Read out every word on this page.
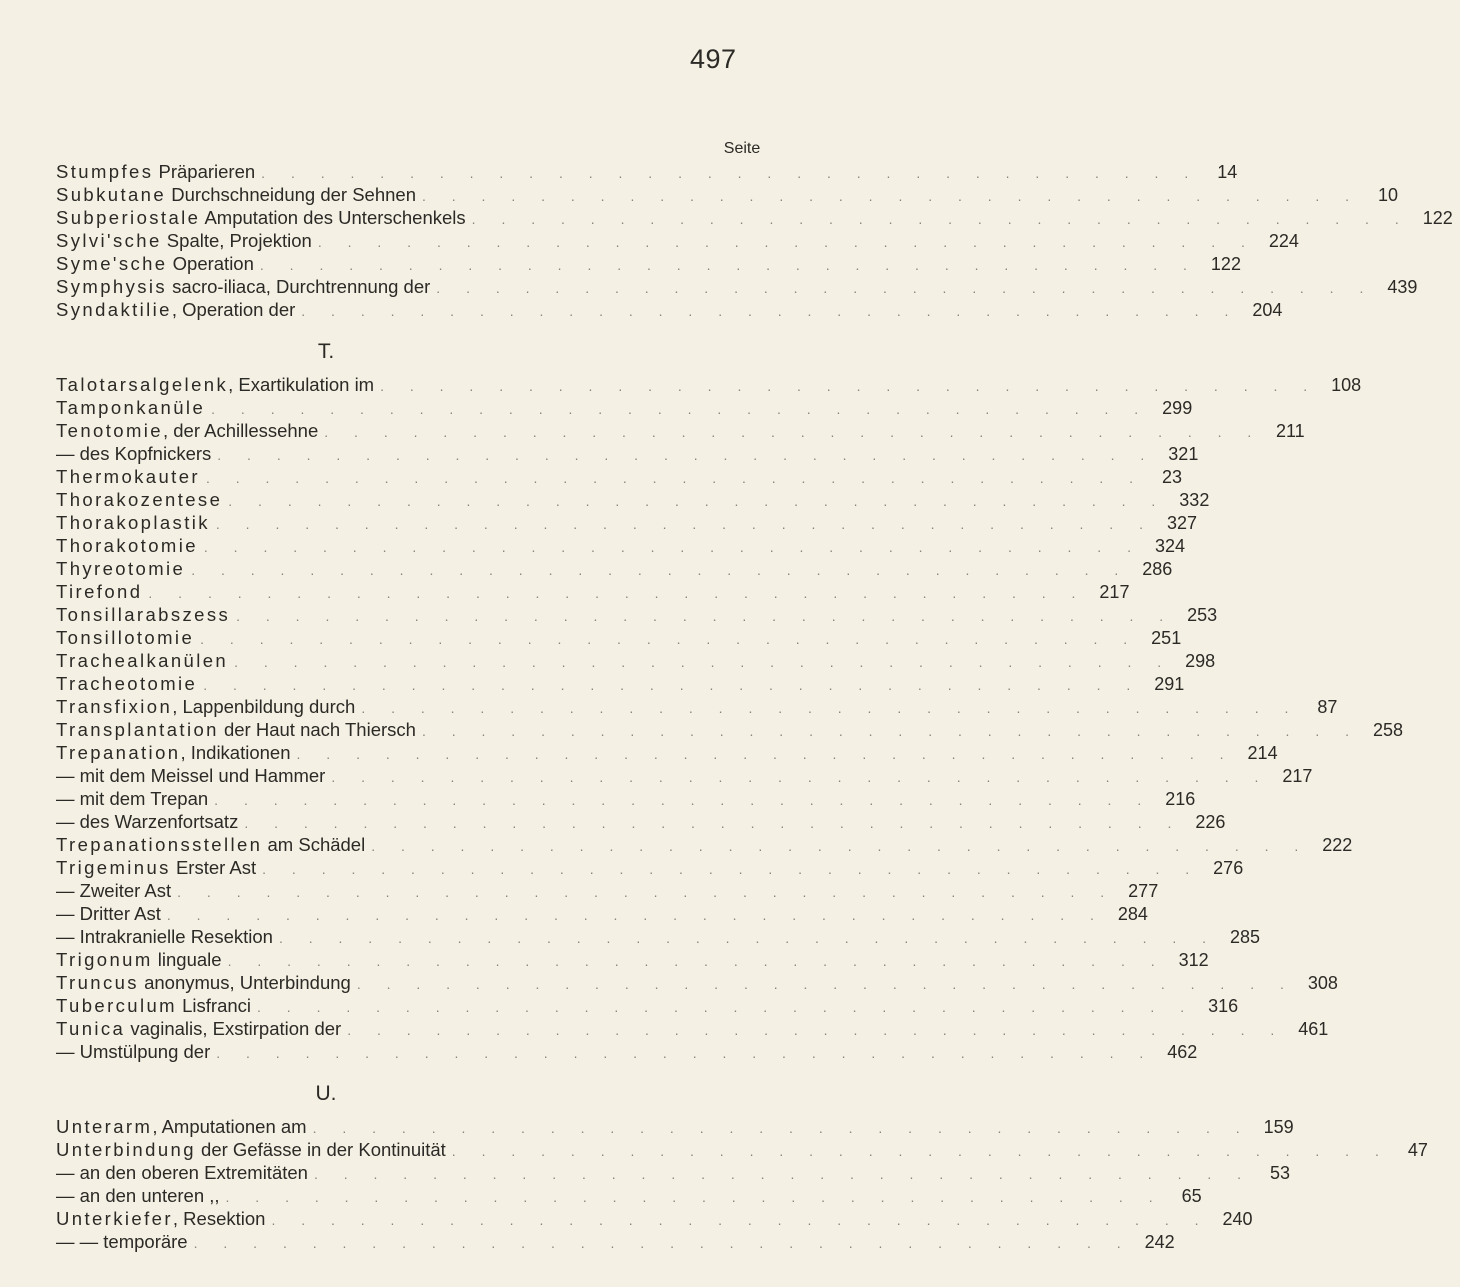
497
Seite
Stumpfes Präparieren . . . . . . . . . . . . . . . . . . . . . . . . . . . . . . . . 14
Subkutane Durchschneidung der Sehnen . . . . . . . . . . . . . . . . . . . . . . . . . . . . . . . . 10
Subperiostale Amputation des Unterschenkels . . . . . . . . . . . . . . . . . . . . . . . . . . . . . . . . 122
Sylvi'sche Spalte, Projektion . . . . . . . . . . . . . . . . . . . . . . . . . . . . . . . . 224
Syme'sche Operation . . . . . . . . . . . . . . . . . . . . . . . . . . . . . . . . 122
Symphysis sacro-iliaca, Durchtrennung der . . . . . . . . . . . . . . . . . . . . . . . . . . . . . . . . 439
Syndaktilie, Operation der . . . . . . . . . . . . . . . . . . . . . . . . . . . . . . . . 204
T.
Talotarsalgelenk, Exartikulation im . . . . . . . . . . . . . . . . . . . . . . . . . . . . . . . . 108
Tamponkanüle . . . . . . . . . . . . . . . . . . . . . . . . . . . . . . . . 299
Tenotomie, der Achillessehne . . . . . . . . . . . . . . . . . . . . . . . . . . . . . . . . 211
— des Kopfnickers . . . . . . . . . . . . . . . . . . . . . . . . . . . . . . . . 321
Thermokauter . . . . . . . . . . . . . . . . . . . . . . . . . . . . . . . . 23
Thorakozentese . . . . . . . . . . . . . . . . . . . . . . . . . . . . . . . . 332
Thorakoplastik . . . . . . . . . . . . . . . . . . . . . . . . . . . . . . . . 327
Thorakotomie . . . . . . . . . . . . . . . . . . . . . . . . . . . . . . . . 324
Thyreotomie . . . . . . . . . . . . . . . . . . . . . . . . . . . . . . . . 286
Tirefond . . . . . . . . . . . . . . . . . . . . . . . . . . . . . . . . 217
Tonsillarabszess . . . . . . . . . . . . . . . . . . . . . . . . . . . . . . . . 253
Tonsillotomie . . . . . . . . . . . . . . . . . . . . . . . . . . . . . . . . 251
Trachealkanülen . . . . . . . . . . . . . . . . . . . . . . . . . . . . . . . . 298
Tracheotomie . . . . . . . . . . . . . . . . . . . . . . . . . . . . . . . . 291
Transfixion, Lappenbildung durch . . . . . . . . . . . . . . . . . . . . . . . . . . . . . . . . 87
Transplantation der Haut nach Thiersch . . . . . . . . . . . . . . . . . . . . . . . . . . . . . . . . 258
Trepanation, Indikationen . . . . . . . . . . . . . . . . . . . . . . . . . . . . . . . . 214
— mit dem Meissel und Hammer . . . . . . . . . . . . . . . . . . . . . . . . . . . . . . . . 217
— mit dem Trepan . . . . . . . . . . . . . . . . . . . . . . . . . . . . . . . . 216
— des Warzenfortsatz . . . . . . . . . . . . . . . . . . . . . . . . . . . . . . . . 226
Trepanationsstellen am Schädel . . . . . . . . . . . . . . . . . . . . . . . . . . . . . . . . 222
Trigeminus Erster Ast . . . . . . . . . . . . . . . . . . . . . . . . . . . . . . . . 276
— Zweiter Ast . . . . . . . . . . . . . . . . . . . . . . . . . . . . . . . . 277
— Dritter Ast . . . . . . . . . . . . . . . . . . . . . . . . . . . . . . . . 284
— Intrakranielle Resektion . . . . . . . . . . . . . . . . . . . . . . . . . . . . . . . . 285
Trigonum linguale . . . . . . . . . . . . . . . . . . . . . . . . . . . . . . . . 312
Truncus anonymus, Unterbindung . . . . . . . . . . . . . . . . . . . . . . . . . . . . . . . . 308
Tuberculum Lisfranci . . . . . . . . . . . . . . . . . . . . . . . . . . . . . . . . 316
Tunica vaginalis, Exstirpation der . . . . . . . . . . . . . . . . . . . . . . . . . . . . . . . . 461
— Umstülpung der . . . . . . . . . . . . . . . . . . . . . . . . . . . . . . . . 462
U.
Unterarm, Amputationen am . . . . . . . . . . . . . . . . . . . . . . . . . . . . . . . . 159
Unterbindung der Gefässe in der Kontinuität . . . . . . . . . . . . . . . . . . . . . . . . . . . . . . . . 47
— an den oberen Extremitäten . . . . . . . . . . . . . . . . . . . . . . . . . . . . . . . . 53
— an den unteren ,, . . . . . . . . . . . . . . . . . . . . . . . . . . . . . . . . 65
Unterkiefer, Resektion . . . . . . . . . . . . . . . . . . . . . . . . . . . . . . . . 240
— — temporäre . . . . . . . . . . . . . . . . . . . . . . . . . . . . . . . . 242
